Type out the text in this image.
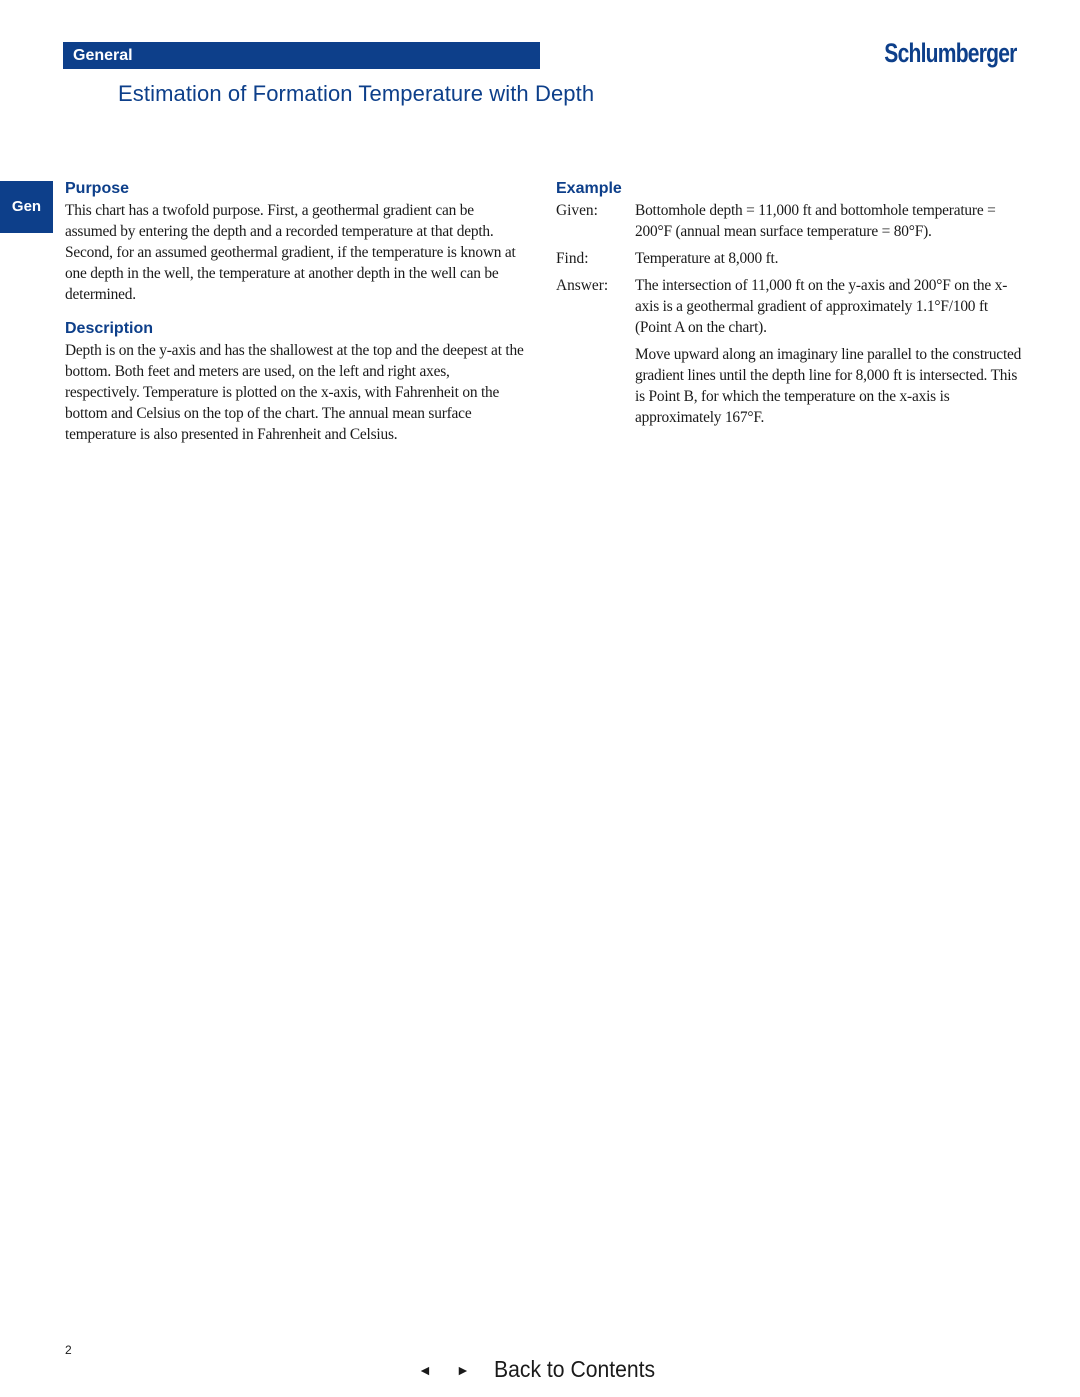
General	Schlumberger
Estimation of Formation Temperature with Depth
Gen
Purpose

This chart has a twofold purpose. First, a geothermal gradient can be assumed by entering the depth and a recorded temperature at that depth. Second, for an assumed geothermal gradient, if the temperature is known at one depth in the well, the temperature at another depth in the well can be determined.

Description

Depth is on the y-axis and has the shallowest at the top and the deepest at the bottom. Both feet and meters are used, on the left and right axes, respectively. Temperature is plotted on the x-axis, with Fahrenheit on the bottom and Celsius on the top of the chart. The annual mean surface temperature is also presented in Fahrenheit and Celsius.

Example
Given:	Bottomhole depth = 11,000 ft and bottomhole temperature = 200°F (annual mean surface temperature = 80°F).
Find:	Temperature at 8,000 ft.
Answer:	The intersection of 11,000 ft on the y-axis and 200°F on the x-axis is a geothermal gradient of approximately 1.1°F/100 ft (Point A on the chart).
Move upward along an imaginary line parallel to the constructed gradient lines until the depth line for 8,000 ft is intersected. This is Point B, for which the temperature on the x-axis is approximately 167°F.
2
◄	►	Back to Contents
